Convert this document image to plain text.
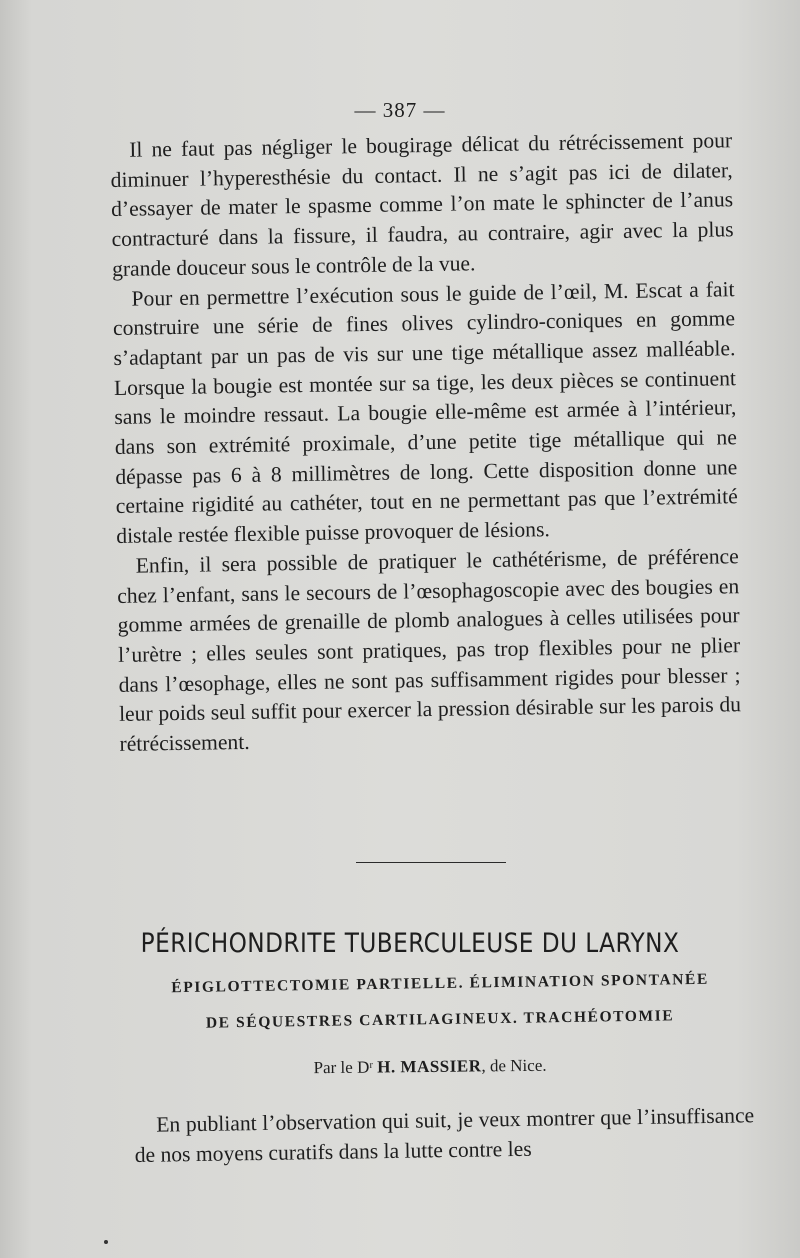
— 387 —

Il ne faut pas négliger le bougirage délicat du rétrécissement pour diminuer l’hyperesthésie du contact. Il ne s’agit pas ici de dilater, d’essayer de mater le spasme comme l’on mate le sphincter de l’anus contracturé dans la fissure, il faudra, au contraire, agir avec la plus grande douceur sous le contrôle de la vue.

Pour en permettre l’exécution sous le guide de l’œil, M. Escat a fait construire une série de fines olives cylindro-coniques en gomme s’adaptant par un pas de vis sur une tige métallique assez malléable. Lorsque la bougie est montée sur sa tige, les deux pièces se continuent sans le moindre ressaut. La bougie elle-même est armée à l’intérieur, dans son extrémité proximale, d’une petite tige métallique qui ne dépasse pas 6 à 8 millimètres de long. Cette disposition donne une certaine rigidité au cathéter, tout en ne permettant pas que l’extrémité distale restée flexible puisse provoquer de lésions.

Enfin, il sera possible de pratiquer le cathétérisme, de préférence chez l’enfant, sans le secours de l’œsophagoscopie avec des bougies en gomme armées de grenaille de plomb analogues à celles utilisées pour l’urètre ; elles seules sont pratiques, pas trop flexibles pour ne plier dans l’œsophage, elles ne sont pas suffisamment rigides pour blesser ; leur poids seul suffit pour exercer la pression désirable sur les parois du rétrécissement.

PÉRICHONDRITE TUBERCULEUSE DU LARYNX
ÉPIGLOTTECTOMIE PARTIELLE. ÉLIMINATION SPONTANÉE
DE SÉQUESTRES CARTILAGINEUX. TRACHÉOTOMIE
Par le Dʳ H. MASSIER, de Nice.

En publiant l’observation qui suit, je veux montrer que l’insuffisance de nos moyens curatifs dans la lutte contre les
